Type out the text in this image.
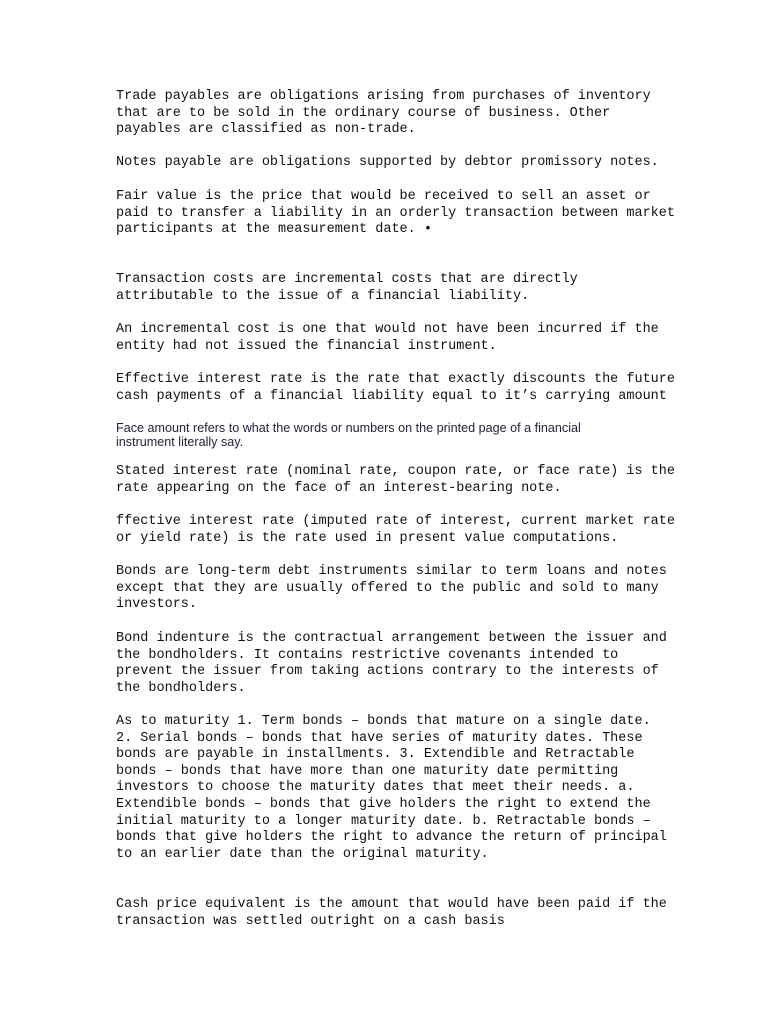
Trade payables are obligations arising from purchases of inventory
that are to be sold in the ordinary course of business. Other
payables are classified as non-trade.

Notes payable are obligations supported by debtor promissory notes.

Fair value is the price that would be received to sell an asset or
paid to transfer a liability in an orderly transaction between market
participants at the measurement date. •

Transaction costs are incremental costs that are directly
attributable to the issue of a financial liability.

An incremental cost is one that would not have been incurred if the
entity had not issued the financial instrument.

Effective interest rate is the rate that exactly discounts the future
cash payments of a financial liability equal to it’s carrying amount

Face amount refers to what the words or numbers on the printed page of a financial instrument literally say.

Stated interest rate (nominal rate, coupon rate, or face rate) is the
rate appearing on the face of an interest-bearing note.

ffective interest rate (imputed rate of interest, current market rate
or yield rate) is the rate used in present value computations.

Bonds are long-term debt instruments similar to term loans and notes
except that they are usually offered to the public and sold to many
investors.

Bond indenture is the contractual arrangement between the issuer and
the bondholders. It contains restrictive covenants intended to
prevent the issuer from taking actions contrary to the interests of
the bondholders.

As to maturity 1. Term bonds – bonds that mature on a single date.
2. Serial bonds – bonds that have series of maturity dates. These
bonds are payable in installments. 3. Extendible and Retractable
bonds – bonds that have more than one maturity date permitting
investors to choose the maturity dates that meet their needs. a.
Extendible bonds – bonds that give holders the right to extend the
initial maturity to a longer maturity date. b. Retractable bonds –
bonds that give holders the right to advance the return of principal
to an earlier date than the original maturity.

Cash price equivalent is the amount that would have been paid if the
transaction was settled outright on a cash basis
